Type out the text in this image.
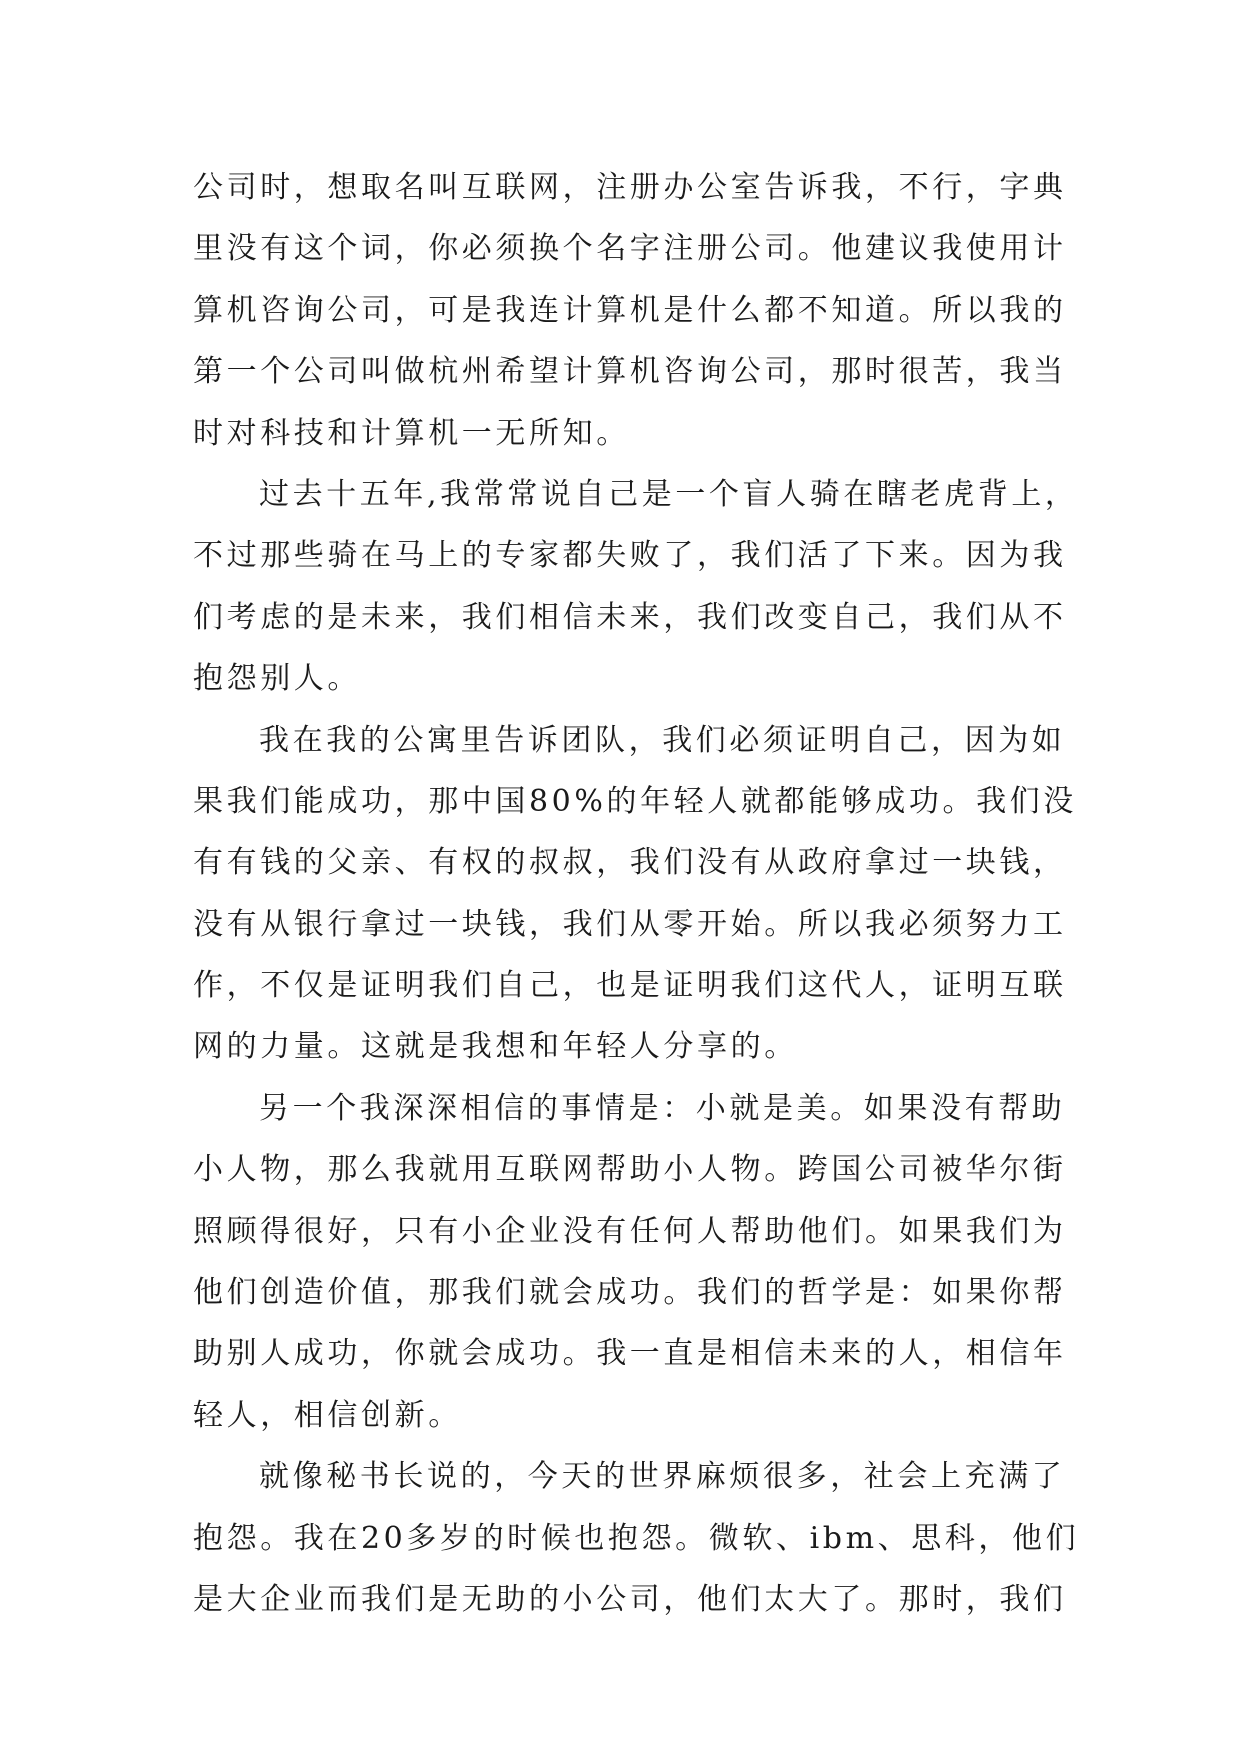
公司时，想取名叫互联网，注册办公室告诉我，不行，字典
里没有这个词，你必须换个名字注册公司。他建议我使用计
算机咨询公司，可是我连计算机是什么都不知道。所以我的
第一个公司叫做杭州希望计算机咨询公司，那时很苦，我当
时对科技和计算机一无所知。
过去十五年,我常常说自己是一个盲人骑在瞎老虎背上，
不过那些骑在马上的专家都失败了，我们活了下来。因为我
们考虑的是未来，我们相信未来，我们改变自己，我们从不
抱怨别人。
我在我的公寓里告诉团队，我们必须证明自己，因为如
果我们能成功，那中国80%的年轻人就都能够成功。我们没
有有钱的父亲、有权的叔叔，我们没有从政府拿过一块钱，
没有从银行拿过一块钱，我们从零开始。所以我必须努力工
作，不仅是证明我们自己，也是证明我们这代人，证明互联
网的力量。这就是我想和年轻人分享的。
另一个我深深相信的事情是：小就是美。如果没有帮助
小人物，那么我就用互联网帮助小人物。跨国公司被华尔街
照顾得很好，只有小企业没有任何人帮助他们。如果我们为
他们创造价值，那我们就会成功。我们的哲学是：如果你帮
助别人成功，你就会成功。我一直是相信未来的人，相信年
轻人，相信创新。
就像秘书长说的，今天的世界麻烦很多，社会上充满了
抱怨。我在20多岁的时候也抱怨。微软、ibm、思科，他们
是大企业而我们是无助的小公司，他们太大了。那时，我们
